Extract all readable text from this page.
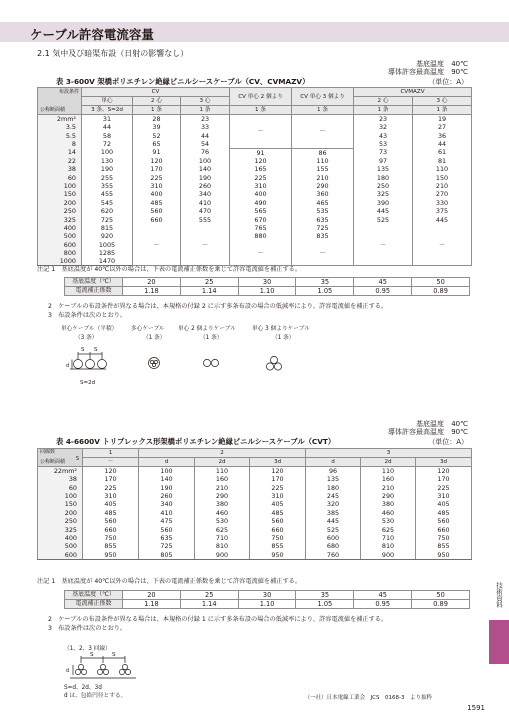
ケーブル許容電流容量
2.1 気中及び暗渠布設（日射の影響なし）
基底温度 40℃
導体許容最高温度 90℃
表 3-600V 架橋ポリエチレン絶縁ビニルシースケーブル（CV、CVMAZV）	（単位：A）
布設条件
公称断面積	CV			CV 単心 2 個より	CV 単心 3 個より	CVMAZV	
	単心	2 心	3 心			2 心	3 心
	3 条、S=2d	1 条	1 条	1 条	1 条	1 条	1 条
2mm²	31	28	23	－	－	23	19
3.5	44	39	33			32	27
5.5	58	52	44			43	36
8	72	65	54			53	44
14	100	91	76	91	86	73	61
22	130	120	100	120	110	97	81
38	190	170	140	165	155	135	110
60	255	225	190	225	210	180	150
100	355	310	260	310	290	250	210
150	455	400	340	400	360	325	270
200	545	485	410	490	465	390	330
250	620	560	470	565	535	445	375
325	725	660	555	670	635	525	445
400	815	－	－	765	725	－	－
500	920			880	835		
600	1005			－	－		
800	1285						
1000	1470						
注記 1　基底温度が 40℃以外の場合は、下表の電流補正係数を乗じて許容電流値を補正する。
基底温度（℃）	20	25	30	35	45	50
電流補正係数	1.18	1.14	1.10	1.05	0.95	0.89
2　ケーブルの布設条件が異なる場合は、本規格の付録 2 に示す多条布設の場合の低減率により、許容電流値を補正する。
3　布設条件は次のとおり。
単心ケーブル（平積）
（3 条）
多心ケーブル
（1 条）
単心 2 個よりケーブル
（1 条）
単心 3 個よりケーブル
（1 条）
S S
d
S=2d
基底温度 40℃
導体許容最高温度 90℃
表 4-6600V トリプレックス形架橋ポリエチレン絶縁ビニルシースケーブル（CVT）	（単位：A）
回線数
S
公称断面積	1	2			3		
	－	d	2d	3d	d	2d	3d
22mm²	120	100	110	120	96	110	120
38	170	140	160	170	135	160	170
60	225	190	210	225	180	210	225
100	310	260	290	310	245	290	310
150	405	340	380	405	320	380	405
200	485	410	460	485	385	460	485
250	560	475	530	560	445	530	560
325	660	560	625	660	525	625	660
400	750	635	710	750	600	710	750
500	855	725	810	855	680	810	855
600	950	805	900	950	760	900	950
注記 1　基底温度が 40℃以外の場合は、下表の電流補正係数を乗じて許容電流値を補正する。
基底温度（℃）	20	25	30	35	45	50
電流補正係数	1.18	1.14	1.10	1.05	0.95	0.89
2　ケーブルの布設条件が異なる場合は、本規格の付録 1 に示す多条布設の場合の低減率により、許容電流値を補正する。
3　布設条件は次のとおり。
（1、2、3 回線）
S	S
d
S=d、2d、3d
d は、包絡円径とする。
技術資料
（一社）日本電線工業会　JCS　0168-3　より抜粋
1591
